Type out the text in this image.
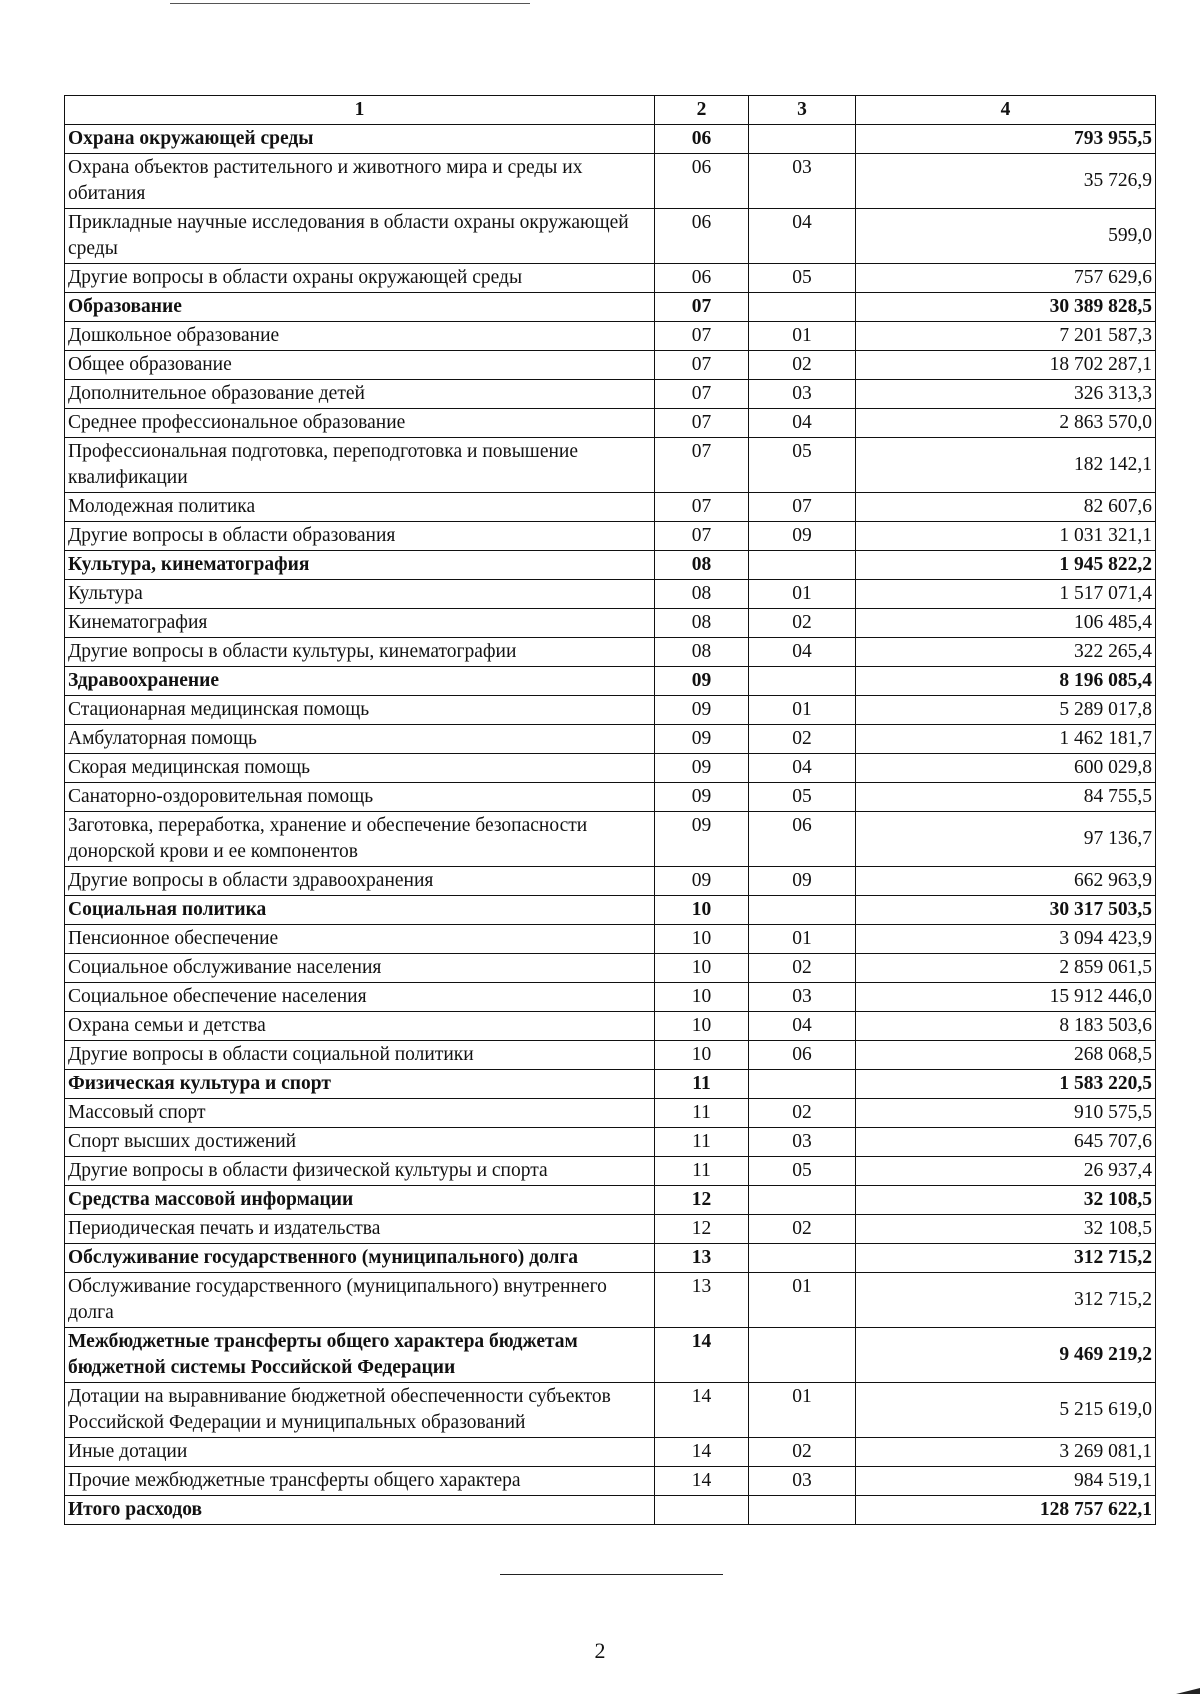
1	2	3	4
Охрана окружающей среды	06		793 955,5
Охрана объектов растительного и животного мира и среды их обитания	06	03	35 726,9
Прикладные научные исследования в области охраны окружающей среды	06	04	599,0
Другие вопросы в области охраны окружающей среды	06	05	757 629,6
Образование	07		30 389 828,5
Дошкольное образование	07	01	7 201 587,3
Общее образование	07	02	18 702 287,1
Дополнительное образование детей	07	03	326 313,3
Среднее профессиональное образование	07	04	2 863 570,0
Профессиональная подготовка, переподготовка и повышение квалификации	07	05	182 142,1
Молодежная политика	07	07	82 607,6
Другие вопросы в области образования	07	09	1 031 321,1
Культура, кинематография	08		1 945 822,2
Культура	08	01	1 517 071,4
Кинематография	08	02	106 485,4
Другие вопросы в области культуры, кинематографии	08	04	322 265,4
Здравоохранение	09		8 196 085,4
Стационарная медицинская помощь	09	01	5 289 017,8
Амбулаторная помощь	09	02	1 462 181,7
Скорая медицинская помощь	09	04	600 029,8
Санаторно-оздоровительная помощь	09	05	84 755,5
Заготовка, переработка, хранение и обеспечение безопасности донорской крови и ее компонентов	09	06	97 136,7
Другие вопросы в области здравоохранения	09	09	662 963,9
Социальная политика	10		30 317 503,5
Пенсионное обеспечение	10	01	3 094 423,9
Социальное обслуживание населения	10	02	2 859 061,5
Социальное обеспечение населения	10	03	15 912 446,0
Охрана семьи и детства	10	04	8 183 503,6
Другие вопросы в области социальной политики	10	06	268 068,5
Физическая культура и спорт	11		1 583 220,5
Массовый спорт	11	02	910 575,5
Спорт высших достижений	11	03	645 707,6
Другие вопросы в области физической культуры и спорта	11	05	26 937,4
Средства массовой информации	12		32 108,5
Периодическая печать и издательства	12	02	32 108,5
Обслуживание государственного (муниципального) долга	13		312 715,2
Обслуживание государственного (муниципального) внутреннего долга	13	01	312 715,2
Межбюджетные трансферты общего характера бюджетам бюджетной системы Российской Федерации	14		9 469 219,2
Дотации на выравнивание бюджетной обеспеченности субъектов Российской Федерации и муниципальных образований	14	01	5 215 619,0
Иные дотации	14	02	3 269 081,1
Прочие межбюджетные трансферты общего характера	14	03	984 519,1
Итого расходов			128 757 622,1
2
